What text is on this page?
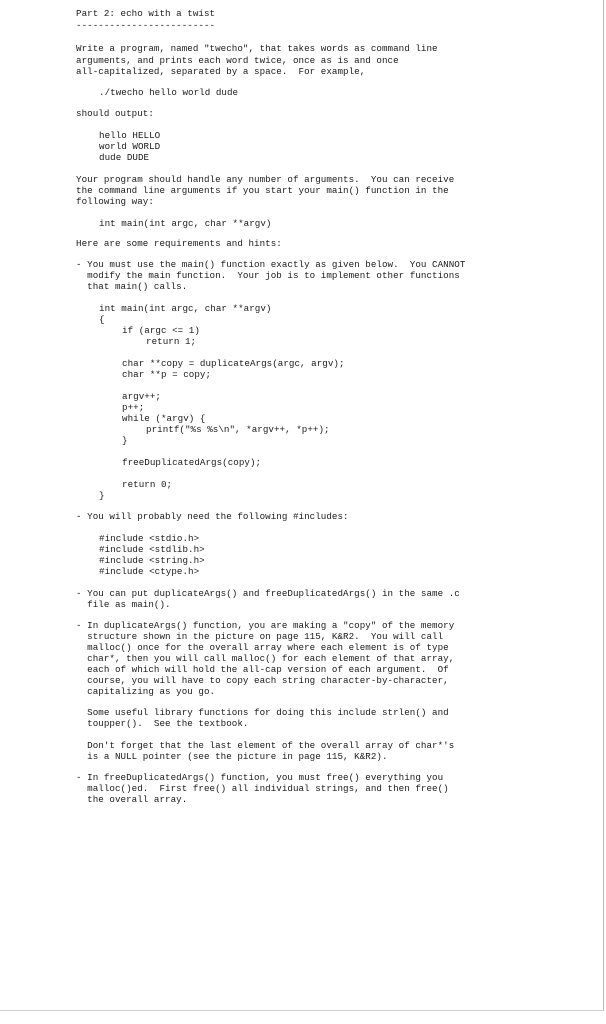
Part 2: echo with a twist
-------------------------
Write a program, named "twecho", that takes words as command line
arguments, and prints each word twice, once as is and once
all-capitalized, separated by a space.  For example,
./twecho hello world dude
should output:
hello HELLO
world WORLD
dude DUDE
Your program should handle any number of arguments.  You can receive
the command line arguments if you start your main() function in the
following way:
int main(int argc, char **argv)
Here are some requirements and hints:
- You must use the main() function exactly as given below.  You CANNOT
modify the main function.  Your job is to implement other functions
that main() calls.
int main(int argc, char **argv)
{
if (argc <= 1)
return 1;
char **copy = duplicateArgs(argc, argv);
char **p = copy;
argv++;
p++;
while (*argv) {
printf("%s %s\n", *argv++, *p++);
}
freeDuplicatedArgs(copy);
return 0;
}
- You will probably need the following #includes:
#include <stdio.h>
#include <stdlib.h>
#include <string.h>
#include <ctype.h>
- You can put duplicateArgs() and freeDuplicatedArgs() in the same .c
file as main().
- In duplicateArgs() function, you are making a "copy" of the memory
structure shown in the picture on page 115, K&R2.  You will call
malloc() once for the overall array where each element is of type
char*, then you will call malloc() for each element of that array,
each of which will hold the all-cap version of each argument.  Of
course, you will have to copy each string character-by-character,
capitalizing as you go.
Some useful library functions for doing this include strlen() and
toupper().  See the textbook.
Don't forget that the last element of the overall array of char*'s
is a NULL pointer (see the picture in page 115, K&R2).
- In freeDuplicatedArgs() function, you must free() everything you
malloc()ed.  First free() all individual strings, and then free()
the overall array.
